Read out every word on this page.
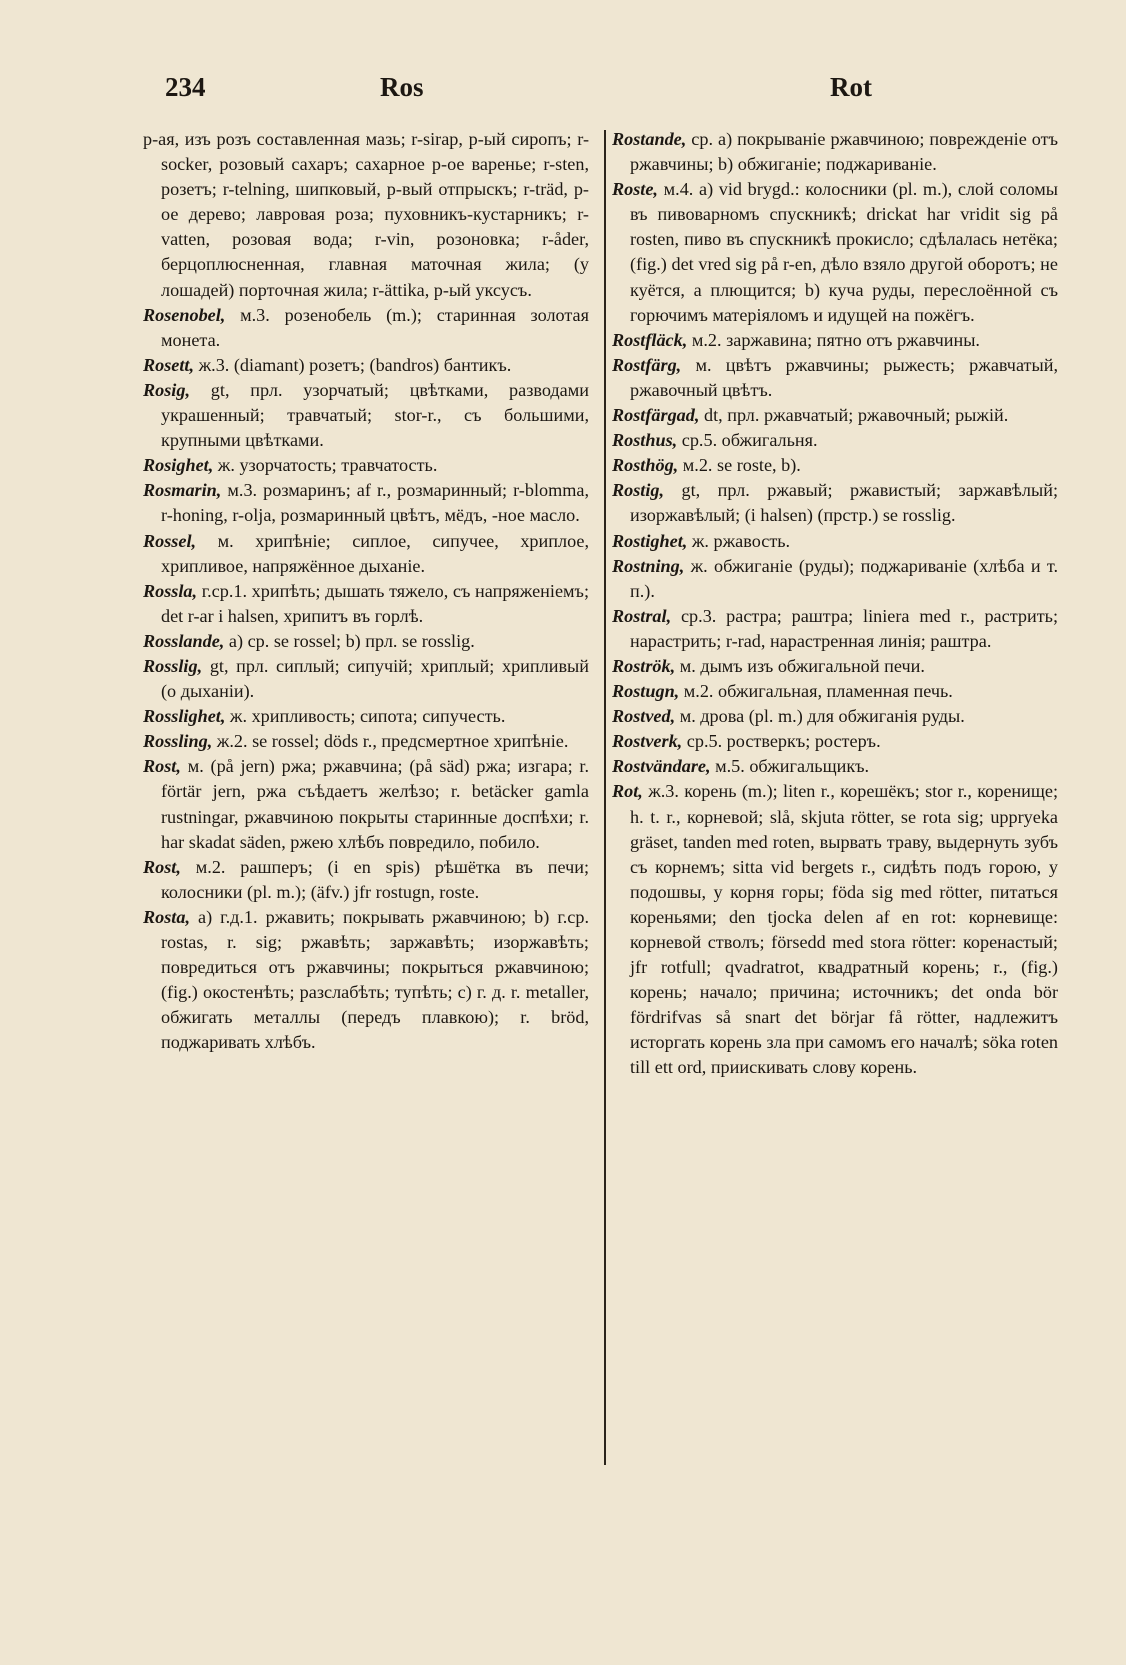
234	Ros	Rot
р-ая, изъ розъ составленная мазь; r-sirap, р-ый сиропъ; r-socker, розовый сахаръ; сахарное р-ое варенье; r-sten, розетъ; r-telning, шипковый, р-вый отпрыскъ; r-träd, р-ое дерево; лавровая роза; пуховникъ-кустарникъ; r-vatten, розовая вода; r-vin, розоновка; r-åder, берцоплюсненная, главная маточная жила; (у лошадей) портoчная жила; r-ättika, р-ый уксусъ.
Rosenobel, м.3. розенобель (m.); старинная золотая монета.
Rosett, ж.3. (diamant) розетъ; (bandros) бантикъ.
Rosig, gt, прл. узорчатый; цвѣтками, разводами украшенный; травчатый; stor-r., съ большими, крупными цвѣтками.
Rosighet, ж. узорчатость; травчатость.
Rosmarin, м.3. розмаринъ; af r., розмаринный; r-blomma, r-honing, r-olja, розмаринный цвѣтъ, мёдъ, -ное масло.
Rossel, м. хрипѣніе; сиплое, сипучее, хриплое, хрипливое, напряжённое дыханіе.
Rossla, г.ср.1. хрипѣть; дышать тяжело, съ напряженіемъ; det r-ar i halsen, хрипитъ въ горлѣ.
Rosslande, a) ср. se rossel; b) прл. se rosslig.
Rosslig, gt, прл. сиплый; сипучій; хриплый; хрипливый (о дыханіи).
Rosslighet, ж. хрипливость; сипота; сипучесть.
Rossling, ж.2. se rossel; döds r., предсмертное хрипѣніе.
Rost, м. (på jern) ржа; ржавчина; (på säd) ржа; изгара; r. förtär jern, ржа съѣдаетъ желѣзо; r. betäcker gamla rustningar, ржавчиною покрыты старинные доспѣхи; r. har skadat säden, ржею хлѣбъ повредило, побило.
Rost, м.2. рашперъ; (i en spis) рѣшётка въ печи; колосники (pl. m.); (äfv.) jfr rostugn, roste.
Rosta, a) г.д.1. ржавить; покрывать ржавчиною; b) г.ср. rostas, r. sig; ржавѣть; заржавѣть; изоржавѣть; повредиться отъ ржавчины; покрыться ржавчиною; (fig.) окостенѣть; разслабѣть; тупѣть; c) г. д. r. metaller, обжигать металлы (передъ плавкою); r. bröd, поджаривать хлѣбъ.
Rostande, ср. a) покрываніе ржавчиною; поврежденіе отъ ржавчины; b) обжиганіе; поджариваніе.
Roste, м.4. a) vid brygd.: колосники (pl. m.), слой соломы въ пивоварномъ спускникѣ; drickat har vridit sig på rosten, пиво въ спускникѣ прокисло; сдѣлалась нетёка; (fig.) det vred sig på r-en, дѣло взяло другой оборотъ; не куётся, а плющится; b) куча руды, переслоённой съ горючимъ матеріяломъ и идущей на пожёгъ.
Rostfläck, м.2. заржавина; пятно отъ ржавчины.
Rostfärg, м. цвѣтъ ржавчины; рыжесть; ржавчатый, ржавочный цвѣтъ.
Rostfärgad, dt, прл. ржавчатый; ржавочный; рыжій.
Rosthus, ср.5. обжигальня.
Rosthög, м.2. se roste, b).
Rostig, gt, прл. ржавый; ржавистый; заржавѣлый; изоржавѣлый; (i halsen) (прстр.) se rosslig.
Rostighet, ж. ржавость.
Rostning, ж. обжиганіе (руды); поджариваніе (хлѣба и т. п.).
Rostral, ср.3. растра; раштра; liniera med r., растрить; нарастрить; r-rad, нарастренная линія; раштра.
Roströk, м. дымъ изъ обжигальной печи.
Rostugn, м.2. обжигальная, пламенная печь.
Rostved, м. дрова (pl. m.) для обжиганія руды.
Rostverk, ср.5. ростверкъ; ростеръ.
Rostvändare, м.5. обжигальщикъ.
Rot, ж.3. корень (m.); liten r., корешёкъ; stor r., коренище; h. t. r., корневой; slå, skjuta rötter, se rota sig; uppryeka gräset, tanden med roten, вырвать траву, выдернуть зубъ съ корнемъ; sitta vid bergets r., сидѣть подъ горою, у подошвы, у корня горы; föda sig med rötter, питаться кореньями; den tjocka delen af en rot: корневище: корневой стволъ; försedd med stora rötter: коренастый; jfr rotfull; qvadratrot, квадратный корень; r., (fig.) корень; начало; причина; источникъ; det onda bör fördrifvas så snart det börjar få rötter, надлежитъ исторгать корень зла при самомъ его началѣ; söka roten till ett ord, приискивать слову корень.
